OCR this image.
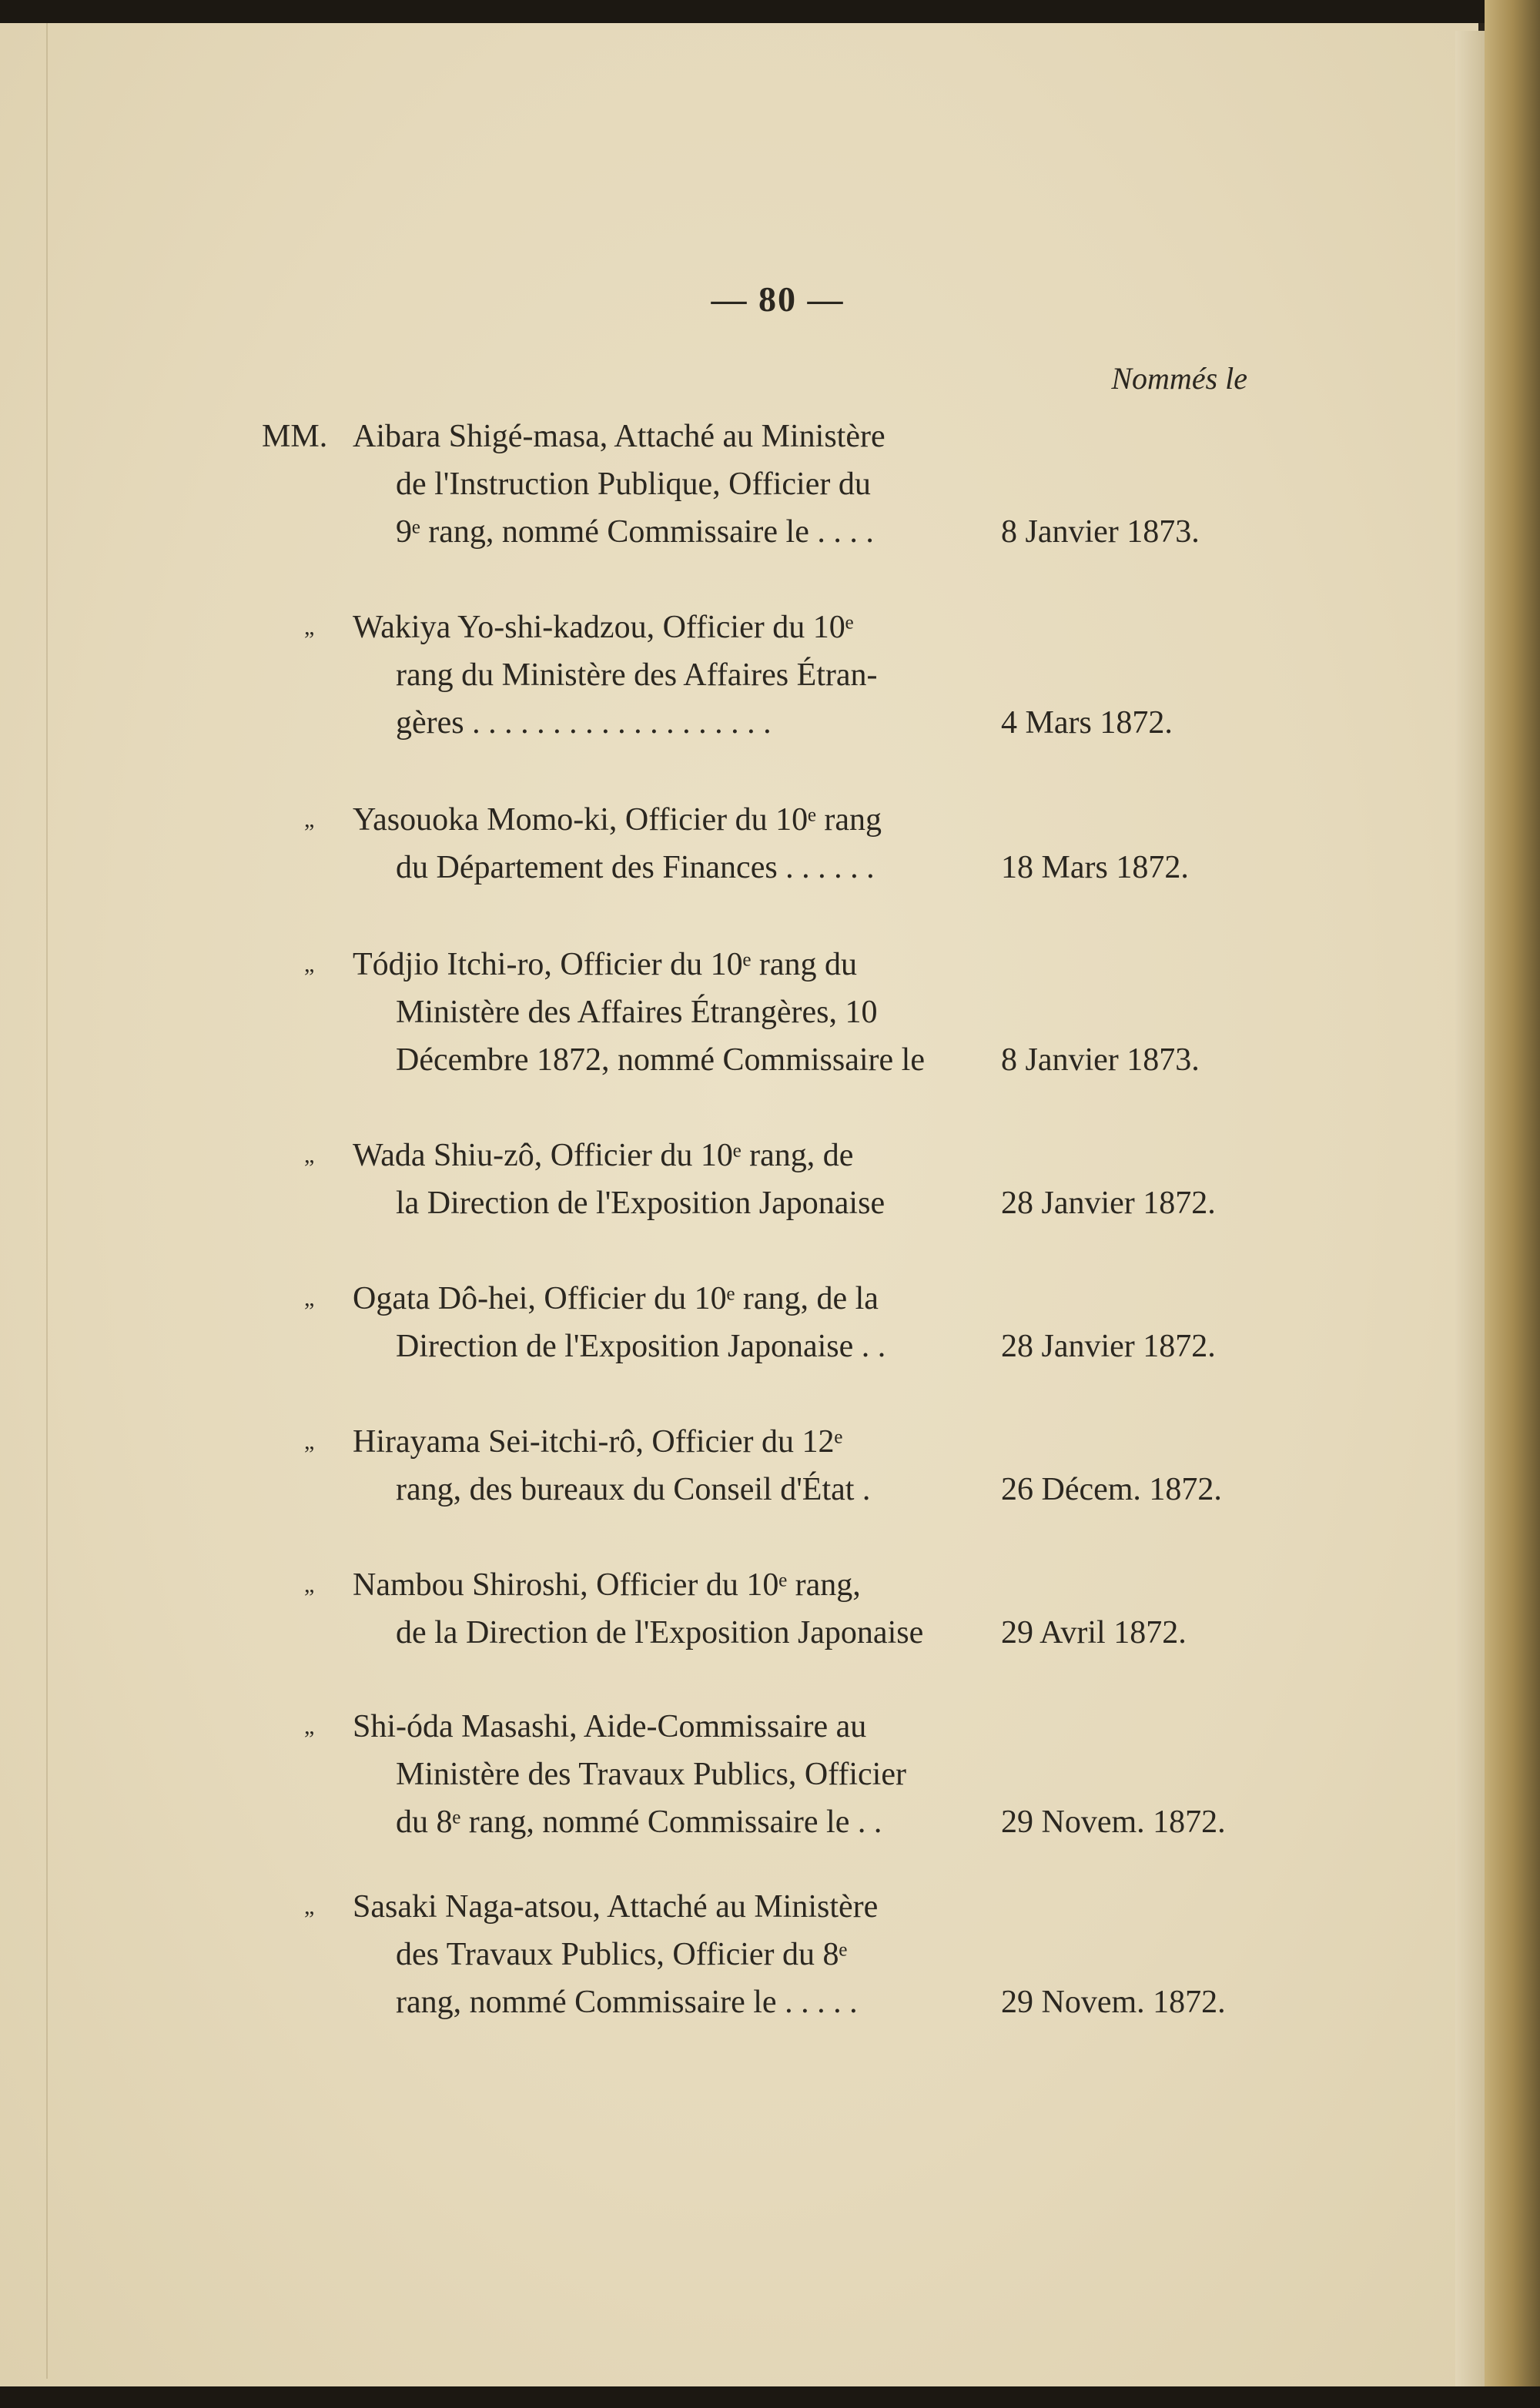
— 80 —
Nommés le
MM. Aibara Shigé-masa, Attaché au Ministère
de l'Instruction Publique, Officier du
9ᵉ rang, nommé Commissaire le . . . .	8 Janvier 1873.
„	Wakiya Yo-shi-kadzou, Officier du 10ᵉ
rang du Ministère des Affaires Étran-
gères . . . . . . . . . . . . . . . . . . .	4 Mars 1872.
„	Yasouoka Momo-ki, Officier du 10ᵉ rang
du Département des Finances . . . . . .	18 Mars 1872.
„	Tódjio Itchi-ro, Officier du 10ᵉ rang du
Ministère des Affaires Étrangères, 10
Décembre 1872, nommé Commissaire le	8 Janvier 1873.
„	Wada Shiu-zô, Officier du 10ᵉ rang, de
la Direction de l'Exposition Japonaise	28 Janvier 1872.
„	Ogata Dô-hei, Officier du 10ᵉ rang, de la
Direction de l'Exposition Japonaise . .	28 Janvier 1872.
„	Hirayama Sei-itchi-rô, Officier du 12ᵉ
rang, des bureaux du Conseil d'État .	26 Décem. 1872.
„	Nambou Shiroshi, Officier du 10ᵉ rang,
de la Direction de l'Exposition Japonaise	29 Avril 1872.
„	Shi-óda Masashi, Aide-Commissaire au
Ministère des Travaux Publics, Officier
du 8ᵉ rang, nommé Commissaire le . .	29 Novem. 1872.
„	Sasaki Naga-atsou, Attaché au Ministère
des Travaux Publics, Officier du 8ᵉ
rang, nommé Commissaire le . . . . .	29 Novem. 1872.
